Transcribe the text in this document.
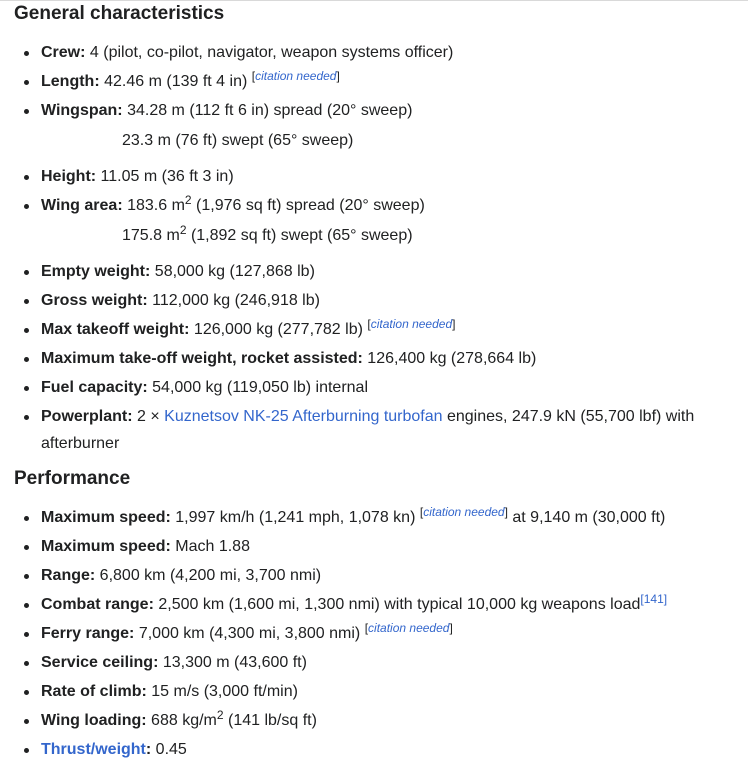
General characteristics
Crew: 4 (pilot, co-pilot, navigator, weapon systems officer)
Length: 42.46 m (139 ft 4 in) [citation needed]
Wingspan: 34.28 m (112 ft 6 in) spread (20° sweep)
23.3 m (76 ft) swept (65° sweep)
Height: 11.05 m (36 ft 3 in)
Wing area: 183.6 $m^2$ (1,976 sq ft) spread (20° sweep)
175.8 $m^2$ (1,892 sq ft) swept (65° sweep)
Empty weight: 58,000 kg (127,868 lb)
Gross weight: 112,000 kg (246,918 lb)
Max takeoff weight: 126,000 kg (277,782 lb) [citation needed]
Maximum take-off weight, rocket assisted: 126,400 kg (278,664 lb)
Fuel capacity: 54,000 kg (119,050 lb) internal
Powerplant: 2 × Kuznetsov NK-25 Afterburning turbofan engines, 247.9 kN (55,700 lbf) with afterburner
Performance
Maximum speed: 1,997 km/h (1,241 mph, 1,078 kn) [citation needed] at 9,140 m (30,000 ft)
Maximum speed: Mach 1.88
Range: 6,800 km (4,200 mi, 3,700 nmi)
Combat range: 2,500 km (1,600 mi, 1,300 nmi) with typical 10,000 kg weapons load[141]
Ferry range: 7,000 km (4,300 mi, 3,800 nmi) [citation needed]
Service ceiling: 13,300 m (43,600 ft)
Rate of climb: 15 m/s (3,000 ft/min)
Wing loading: 688 $kg/m^2$ (141 lb/sq ft)
Thrust/weight: 0.45
